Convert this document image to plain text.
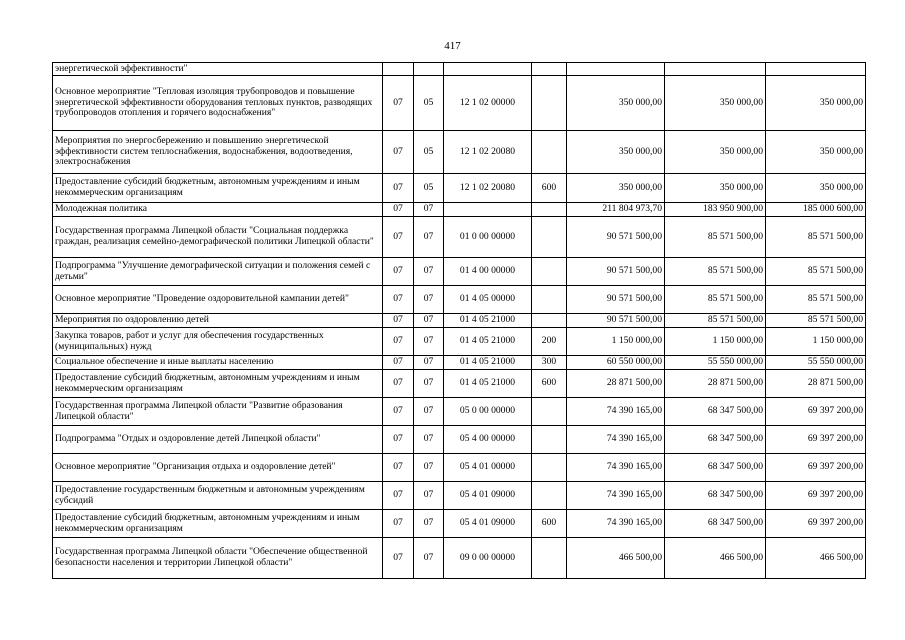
417
энергетической эффективности"							
Основное мероприятие "Тепловая изоляция трубопроводов и повышение энергетической эффективности оборудования тепловых пунктов, разводящих трубопроводов отопления и горячего водоснабжения"	07	05	12 1 02 00000		350 000,00	350 000,00	350 000,00
Мероприятия по энергосбережению и повышению энергетической эффективности систем теплоснабжения, водоснабжения, водоотведения, электроснабжения	07	05	12 1 02 20080		350 000,00	350 000,00	350 000,00
Предоставление субсидий бюджетным, автономным учреждениям и иным некоммерческим организациям	07	05	12 1 02 20080	600	350 000,00	350 000,00	350 000,00
Молодежная политика	07	07			211 804 973,70	183 950 900,00	185 000 600,00
Государственная программа Липецкой области "Социальная поддержка граждан, реализация семейно-демографической политики Липецкой области"	07	07	01 0 00 00000		90 571 500,00	85 571 500,00	85 571 500,00
Подпрограмма "Улучшение демографической ситуации и положения семей с детьми"	07	07	01 4 00 00000		90 571 500,00	85 571 500,00	85 571 500,00
Основное мероприятие "Проведение оздоровительной кампании детей"	07	07	01 4 05 00000		90 571 500,00	85 571 500,00	85 571 500,00
Мероприятия по оздоровлению детей	07	07	01 4 05 21000		90 571 500,00	85 571 500,00	85 571 500,00
Закупка товаров, работ и услуг для обеспечения государственных (муниципальных) нужд	07	07	01 4 05 21000	200	1 150 000,00	1 150 000,00	1 150 000,00
Социальное обеспечение и иные выплаты населению	07	07	01 4 05 21000	300	60 550 000,00	55 550 000,00	55 550 000,00
Предоставление субсидий бюджетным, автономным учреждениям и иным некоммерческим организациям	07	07	01 4 05 21000	600	28 871 500,00	28 871 500,00	28 871 500,00
Государственная программа Липецкой области "Развитие образования Липецкой области"	07	07	05 0 00 00000		74 390 165,00	68 347 500,00	69 397 200,00
Подпрограмма "Отдых и оздоровление детей Липецкой области"	07	07	05 4 00 00000		74 390 165,00	68 347 500,00	69 397 200,00
Основное мероприятие "Организация отдыха и оздоровление детей"	07	07	05 4 01 00000		74 390 165,00	68 347 500,00	69 397 200,00
Предоставление государственным бюджетным и автономным учреждениям субсидий	07	07	05 4 01 09000		74 390 165,00	68 347 500,00	69 397 200,00
Предоставление субсидий бюджетным, автономным учреждениям и иным некоммерческим организациям	07	07	05 4 01 09000	600	74 390 165,00	68 347 500,00	69 397 200,00
Государственная программа Липецкой области "Обеспечение общественной безопасности населения и территории Липецкой области"	07	07	09 0 00 00000		466 500,00	466 500,00	466 500,00
